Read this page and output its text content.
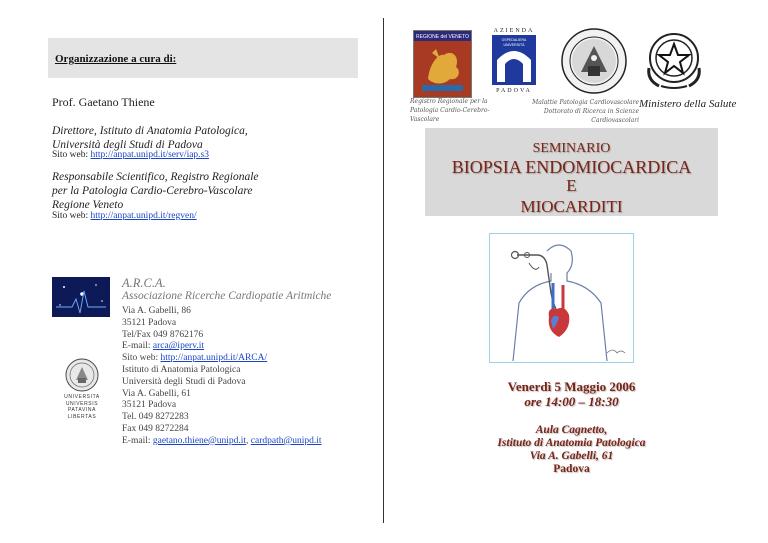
Organizzazione a cura di:
Prof. Gaetano Thiene
Direttore, Istituto di Anatomia Patologica,
Università degli Studi di Padova
Sito web: http://anpat.unipd.it/serv/iap.s3
Responsabile Scientifico, Registro Regionale
per la Patologia Cardio-Cerebro-Vascolare
Regione Veneto
Sito web: http://anpat.unipd.it/regven/
A.R.C.A.
Associazione Ricerche Cardiopatie Aritmiche
Via A. Gabelli, 86
35121 Padova
Tel/Fax 049 8762176
E-mail: arca@iperv.it
Sito web: http://anpat.unipd.it/ARCA/
Istituto di Anatomia Patologica
Università degli Studi di Padova
Via A. Gabelli, 61
35121 Padova
Tel. 049 8272283
Fax 049 8272284
E-mail: gaetano.thiene@unipd.it, cardpath@unipd.it
UNIVERSITA
UNIVERSIS
PATAVINA
LIBERTAS
REGIONE del VENETO
AZIENDA
OSPEDALIERA
UNIVERSITÀ
PADOVA
Registro Regionale per la
Patologia Cardio-Cerebro-Vascolare
Malattie Patologia Cardiovascolare
Dottorato di Ricerca in Scienze Cardiovascolari
Ministero della Salute
SEMINARIO
BIOPSIA ENDOMIOCARDICA
E
MIOCARDITI
Venerdì 5 Maggio 2006
ore 14:00 – 18:30
Aula Cagnetto,
Istituto di Anatomia Patologica
Via A. Gabelli, 61
Padova
